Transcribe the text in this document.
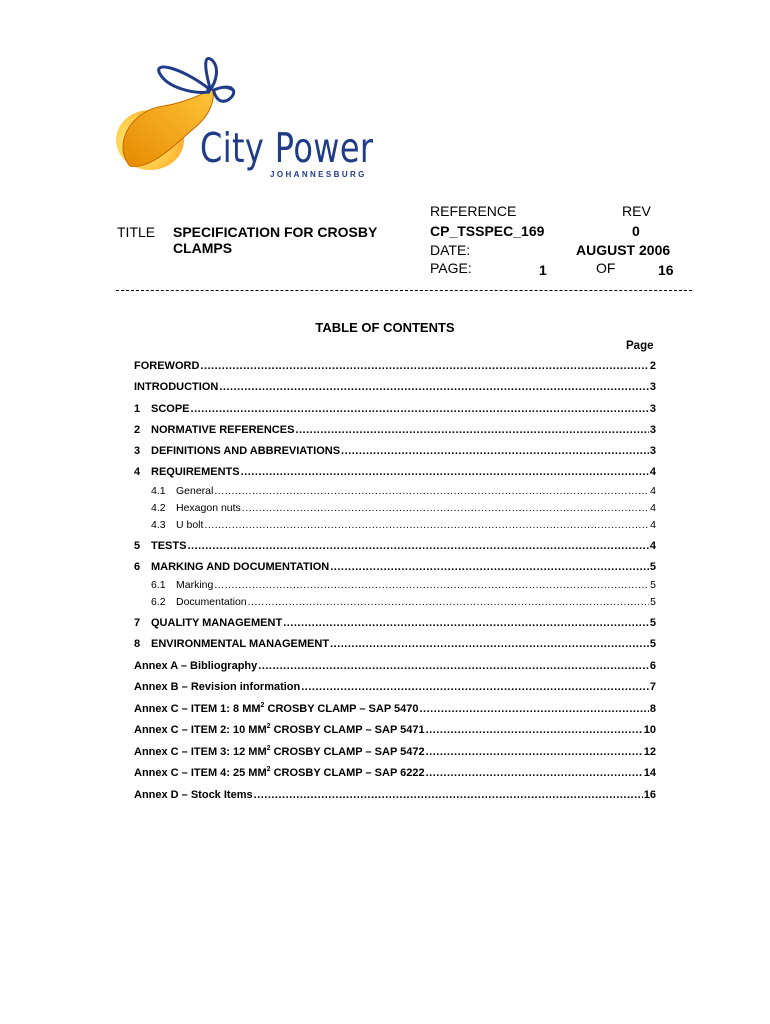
City Power
JOHANNESBURG
TITLE SPECIFICATION FOR CROSBY
CLAMPS
REFERENCE
CP_TSSPEC_169
REV
0
DATE:	AUGUST 2006
PAGE:	1	OF	16
TABLE OF CONTENTS
Page
FOREWORD .....	2
INTRODUCTION .....	3
1 SCOPE .....	3
2 NORMATIVE REFERENCES .....	3
3 DEFINITIONS AND ABBREVIATIONS .....	3
4 REQUIREMENTS .....	4
4.1 General .....	4
4.2 Hexagon nuts .....	4
4.3 U bolt .....	4
5 TESTS .....	4
6 MARKING AND DOCUMENTATION .....	5
6.1 Marking .....	5
6.2 Documentation .....	5
7 QUALITY MANAGEMENT .....	5
8 ENVIRONMENTAL MANAGEMENT .....	5
Annex A – Bibliography .....	6
Annex B – Revision information .....	7
Annex C – ITEM 1: 8 $MM^2$ CROSBY CLAMP – SAP 5470 .....	8
Annex C – ITEM 2: 10 $MM^2$ CROSBY CLAMP – SAP 5471 .....	10
Annex C – ITEM 3: 12 $MM^2$ CROSBY CLAMP – SAP 5472 .....	12
Annex C – ITEM 4: 25 $MM^2$ CROSBY CLAMP – SAP 6222 .....	14
Annex D – Stock Items .....	16
